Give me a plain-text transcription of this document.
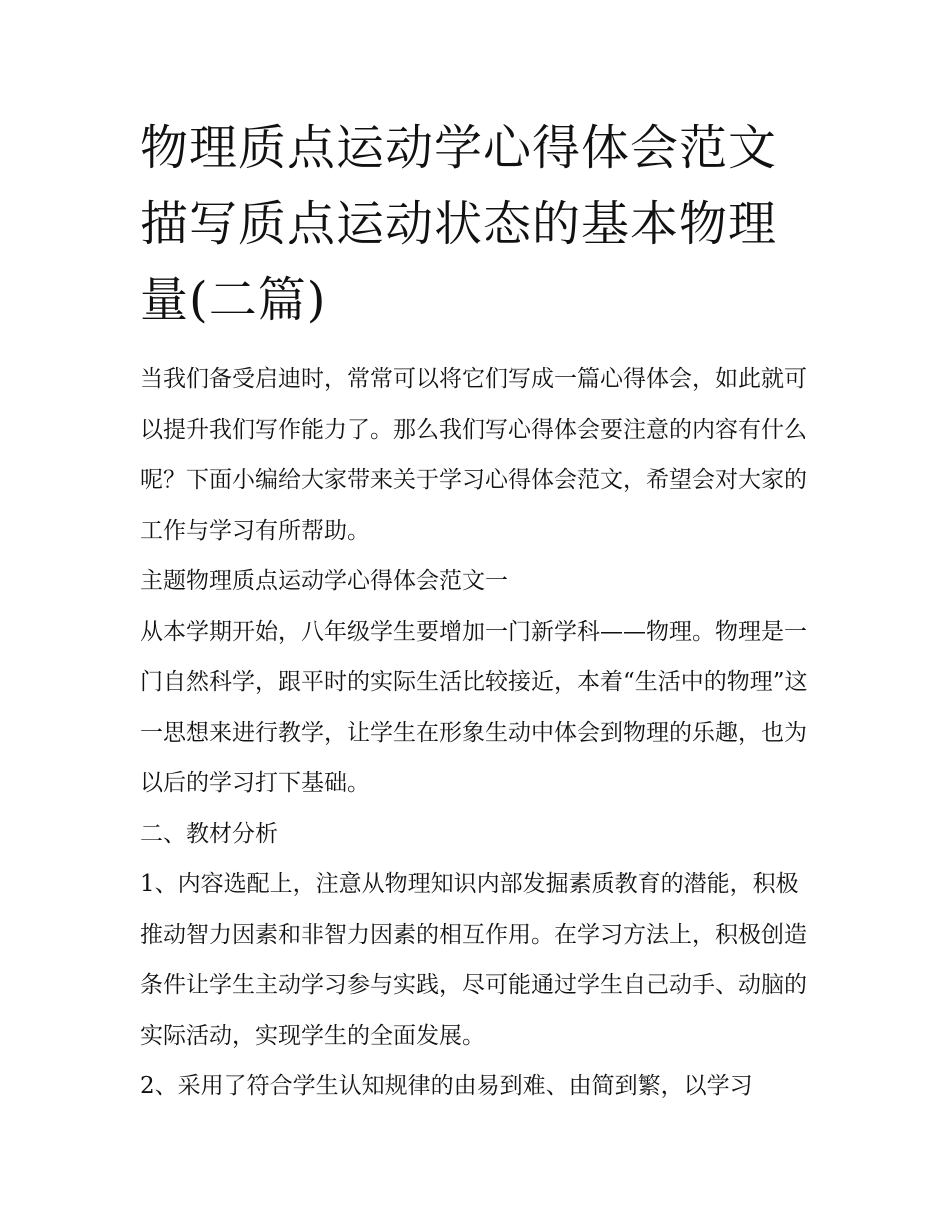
物理质点运动学心得体会范文描写质点运动状态的基本物理量(二篇)

当我们备受启迪时，常常可以将它们写成一篇心得体会，如此就可以提升我们写作能力了。那么我们写心得体会要注意的内容有什么呢？下面小编给大家带来关于学习心得体会范文，希望会对大家的工作与学习有所帮助。

主题物理质点运动学心得体会范文一

从本学期开始，八年级学生要增加一门新学科——物理。物理是一门自然科学，跟平时的实际生活比较接近，本着“生活中的物理”这一思想来进行教学，让学生在形象生动中体会到物理的乐趣，也为以后的学习打下基础。

二、教材分析

1、内容选配上，注意从物理知识内部发掘素质教育的潜能，积极推动智力因素和非智力因素的相互作用。在学习方法上，积极创造条件让学生主动学习参与实践，尽可能通过学生自己动手、动脑的实际活动，实现学生的全面发展。

2、采用了符合学生认知规律的由易到难、由简到繁，以学习
